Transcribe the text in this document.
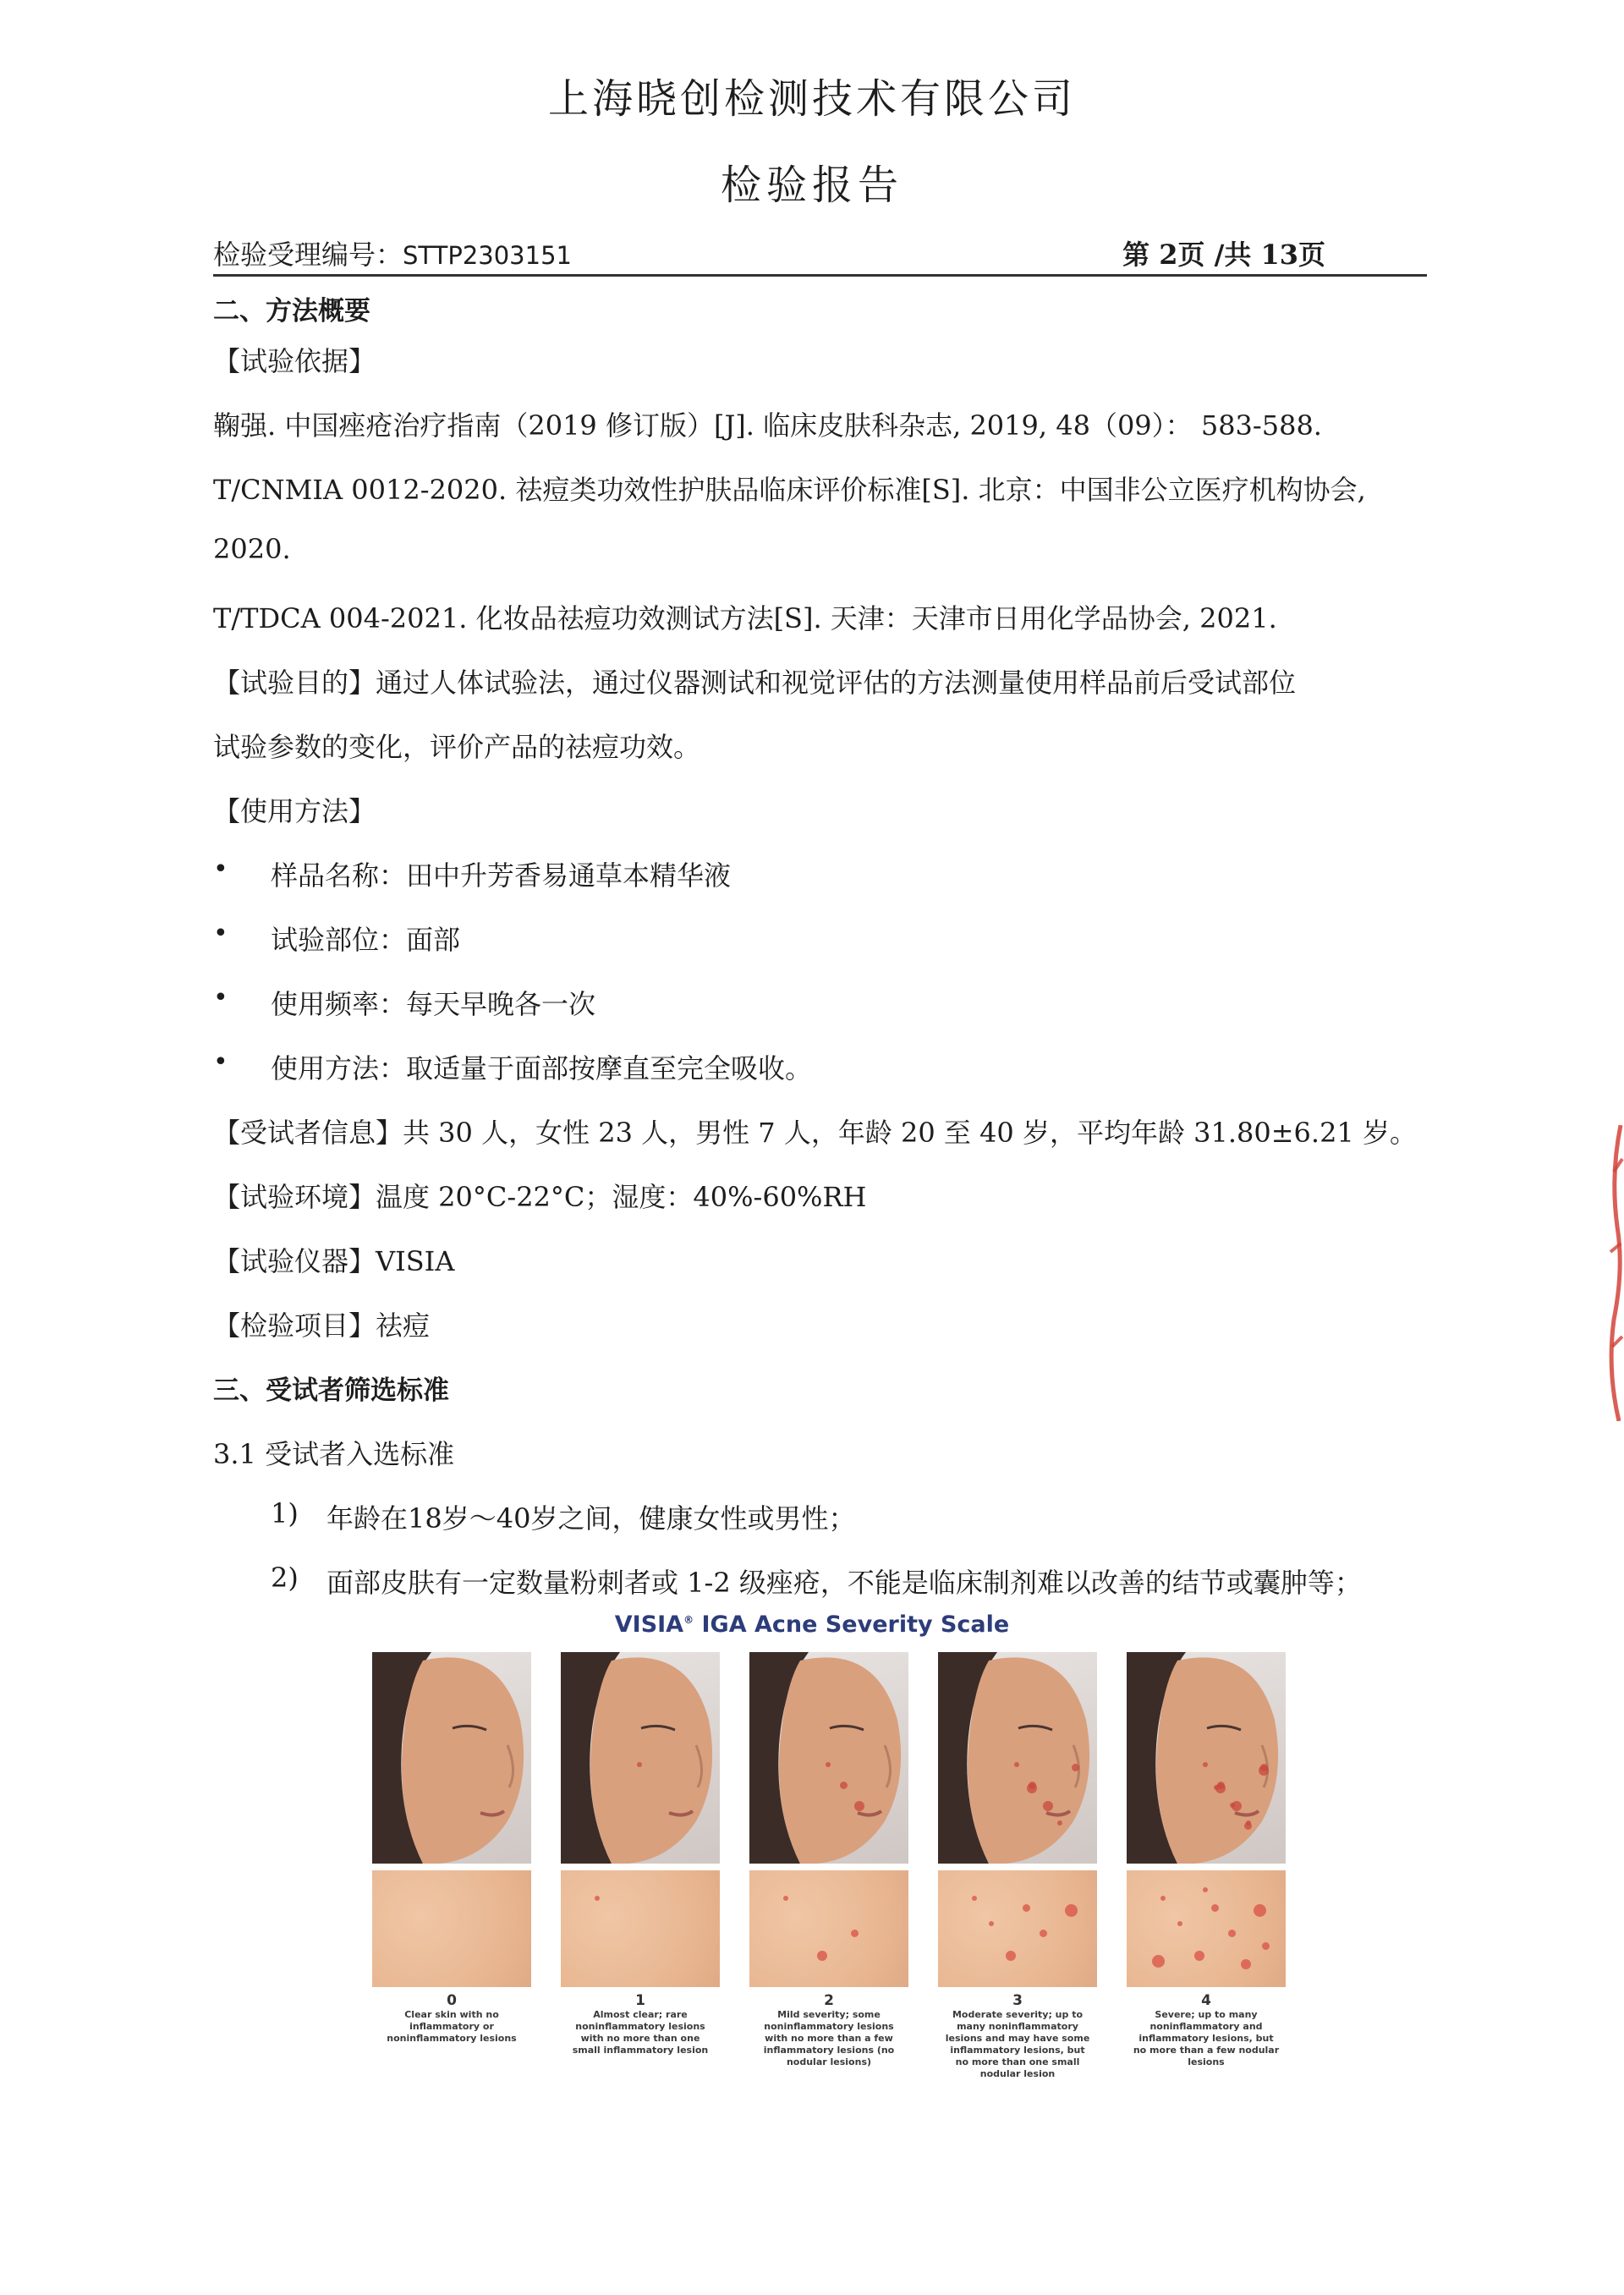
上海晓创检测技术有限公司
检验报告
检验受理编号：STTP2303151	第 2页 /共 13页
二、方法概要
【试验依据】
鞠强. 中国痤疮治疗指南（2019 修订版）[J]. 临床皮肤科杂志, 2019, 48（09）： 583-588.
T/CNMIA 0012-2020. 祛痘类功效性护肤品临床评价标准[S]. 北京：中国非公立医疗机构协会,
2020.
T/TDCA 004-2021. 化妆品祛痘功效测试方法[S]. 天津：天津市日用化学品协会, 2021.
【试验目的】通过人体试验法，通过仪器测试和视觉评估的方法测量使用样品前后受试部位
试验参数的变化，评价产品的祛痘功效。
【使用方法】
• 样品名称：田中升芳香易通草本精华液
• 试验部位：面部
• 使用频率：每天早晚各一次
• 使用方法：取适量于面部按摩直至完全吸收。
【受试者信息】共 30 人，女性 23 人，男性 7 人，年龄 20 至 40 岁，平均年龄 31.80±6.21 岁。
【试验环境】温度 20°C-22°C；湿度：40%-60%RH
【试验仪器】VISIA
【检验项目】祛痘
三、受试者筛选标准
3.1 受试者入选标准
1) 年龄在18岁～40岁之间，健康女性或男性；
2) 面部皮肤有一定数量粉刺者或 1-2 级痤疮，不能是临床制剂难以改善的结节或囊肿等；
VISIA® IGA Acne Severity Scale
0
Clear skin with no inflammatory or noninflammatory lesions
1
Almost clear; rare noninflammatory lesions with no more than one small inflammatory lesion
2
Mild severity; some noninflammatory lesions with no more than a few inflammatory lesions (no nodular lesions)
3
Moderate severity; up to many noninflammatory lesions and may have some inflammatory lesions, but no more than one small nodular lesion
4
Severe; up to many noninflammatory and inflammatory lesions, but no more than a few nodular lesions
